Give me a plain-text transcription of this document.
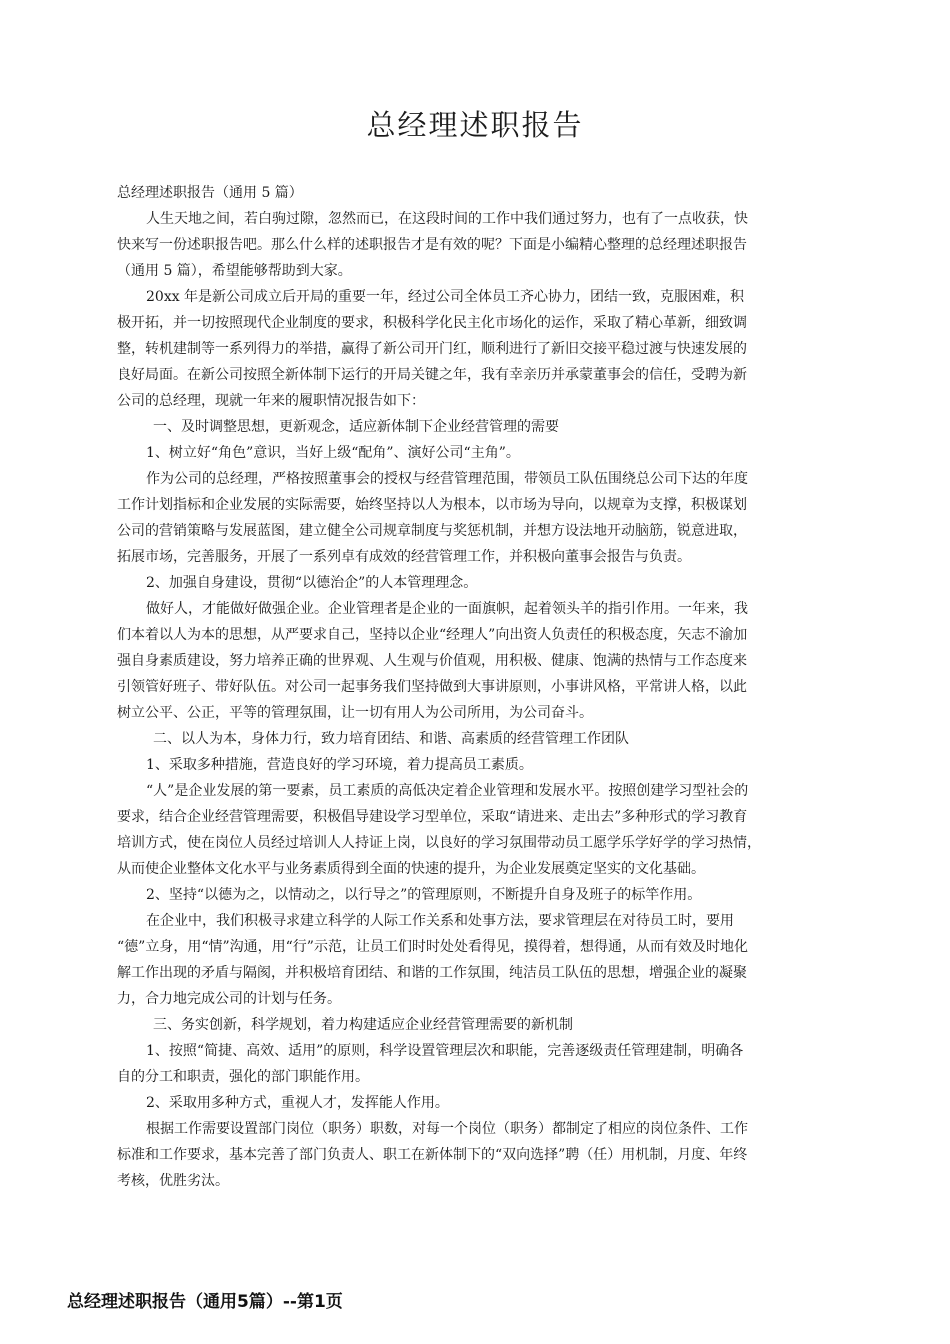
总经理述职报告
总经理述职报告（通用 5 篇）
人生天地之间，若白驹过隙，忽然而已，在这段时间的工作中我们通过努力，也有了一点收获，快
快来写一份述职报告吧。那么什么样的述职报告才是有效的呢？下面是小编精心整理的总经理述职报告
（通用 5 篇），希望能够帮助到大家。
20xx 年是新公司成立后开局的重要一年，经过公司全体员工齐心协力，团结一致，克服困难，积
极开拓，并一切按照现代企业制度的要求，积极科学化民主化市场化的运作，采取了精心革新，细致调
整，转机建制等一系列得力的举措，赢得了新公司开门红，顺利进行了新旧交接平稳过渡与快速发展的
良好局面。在新公司按照全新体制下运行的开局关键之年，我有幸亲历并承蒙董事会的信任，受聘为新
公司的总经理，现就一年来的履职情况报告如下：
一、及时调整思想，更新观念，适应新体制下企业经营管理的需要
1、树立好“角色”意识，当好上级“配角”、演好公司“主角”。
作为公司的总经理，严格按照董事会的授权与经营管理范围，带领员工队伍围绕总公司下达的年度
工作计划指标和企业发展的实际需要，始终坚持以人为根本，以市场为导向，以规章为支撑，积极谋划
公司的营销策略与发展蓝图，建立健全公司规章制度与奖惩机制，并想方设法地开动脑筋，锐意进取，
拓展市场，完善服务，开展了一系列卓有成效的经营管理工作，并积极向董事会报告与负责。
2、加强自身建设，贯彻“以德治企”的人本管理理念。
做好人，才能做好做强企业。企业管理者是企业的一面旗帜，起着领头羊的指引作用。一年来，我
们本着以人为本的思想，从严要求自己，坚持以企业“经理人”向出资人负责任的积极态度，矢志不渝加
强自身素质建设，努力培养正确的世界观、人生观与价值观，用积极、健康、饱满的热情与工作态度来
引领管好班子、带好队伍。对公司一起事务我们坚持做到大事讲原则，小事讲风格，平常讲人格，以此
树立公平、公正，平等的管理氛围，让一切有用人为公司所用，为公司奋斗。
二、以人为本，身体力行，致力培育团结、和谐、高素质的经营管理工作团队
1、采取多种措施，营造良好的学习环境，着力提高员工素质。
“人”是企业发展的第一要素，员工素质的高低决定着企业管理和发展水平。按照创建学习型社会的
要求，结合企业经营管理需要，积极倡导建设学习型单位，采取“请进来、走出去”多种形式的学习教育
培训方式，使在岗位人员经过培训人人持证上岗，以良好的学习氛围带动员工愿学乐学好学的学习热情，
从而使企业整体文化水平与业务素质得到全面的快速的提升，为企业发展奠定坚实的文化基础。
2、坚持“以德为之，以情动之，以行导之”的管理原则，不断提升自身及班子的标竿作用。
在企业中，我们积极寻求建立科学的人际工作关系和处事方法，要求管理层在对待员工时，要用
“德”立身，用“情”沟通，用“行”示范，让员工们时时处处看得见，摸得着，想得通，从而有效及时地化
解工作出现的矛盾与隔阂，并积极培育团结、和谐的工作氛围，纯洁员工队伍的思想，增强企业的凝聚
力，合力地完成公司的计划与任务。
三、务实创新，科学规划，着力构建适应企业经营管理需要的新机制
1、按照“简捷、高效、适用”的原则，科学设置管理层次和职能，完善逐级责任管理建制，明确各
自的分工和职责，强化的部门职能作用。
2、采取用多种方式，重视人才，发挥能人作用。
根据工作需要设置部门岗位（职务）职数，对每一个岗位（职务）都制定了相应的岗位条件、工作
标准和工作要求，基本完善了部门负责人、职工在新体制下的“双向选择”聘（任）用机制，月度、年终
考核，优胜劣汰。
总经理述职报告（通用5篇）--第1页
